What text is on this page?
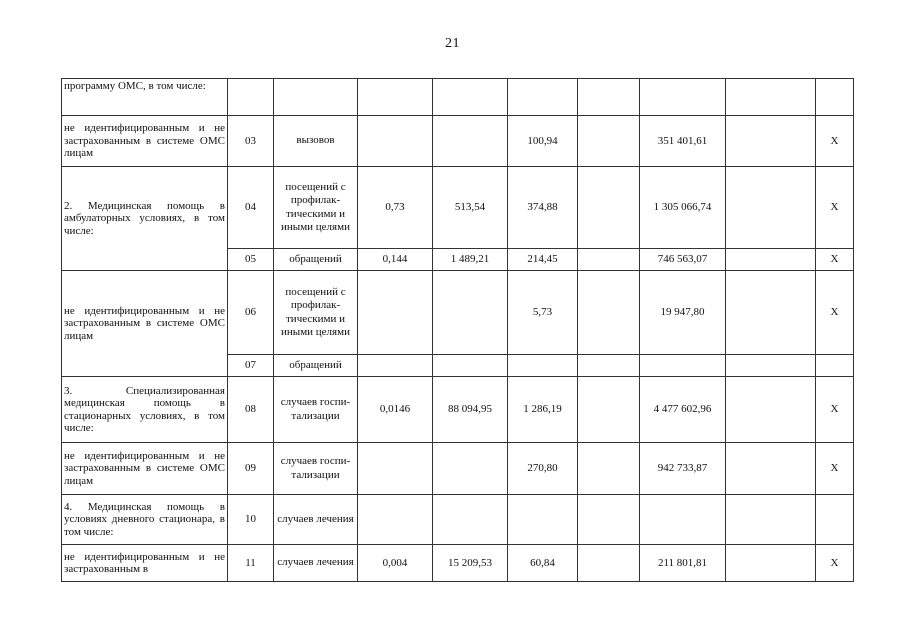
21
программу ОМС, в том числе:									
не идентифицированным и не застрахованным в системе ОМС лицам	03	вызовов			100,94		351 401,61		X
2. Медицинская помощь в амбулаторных условиях, в том числе:	04	посещений с профилак-тическими и иными целями	0,73	513,54	374,88		1 305 066,74		X
	05	обращений	0,144	1 489,21	214,45		746 563,07		X
не идентифицированным и не застрахованным в системе ОМС лицам	06	посещений с профилак-тическими и иными целями			5,73		19 947,80		X
	07	обращений							
3. Специализированная медицинская помощь в стационарных условиях, в том числе:	08	случаев госпи-тализации	0,0146	88 094,95	1 286,19		4 477 602,96		X
не идентифицированным и не застрахованным в системе ОМС лицам	09	случаев госпи-тализации			270,80		942 733,87		X
4. Медицинская помощь в условиях дневного стационара, в том числе:	10	случаев лечения							
не идентифицированным и не застрахованным в	11	случаев лечения	0,004	15 209,53	60,84		211 801,81		X
